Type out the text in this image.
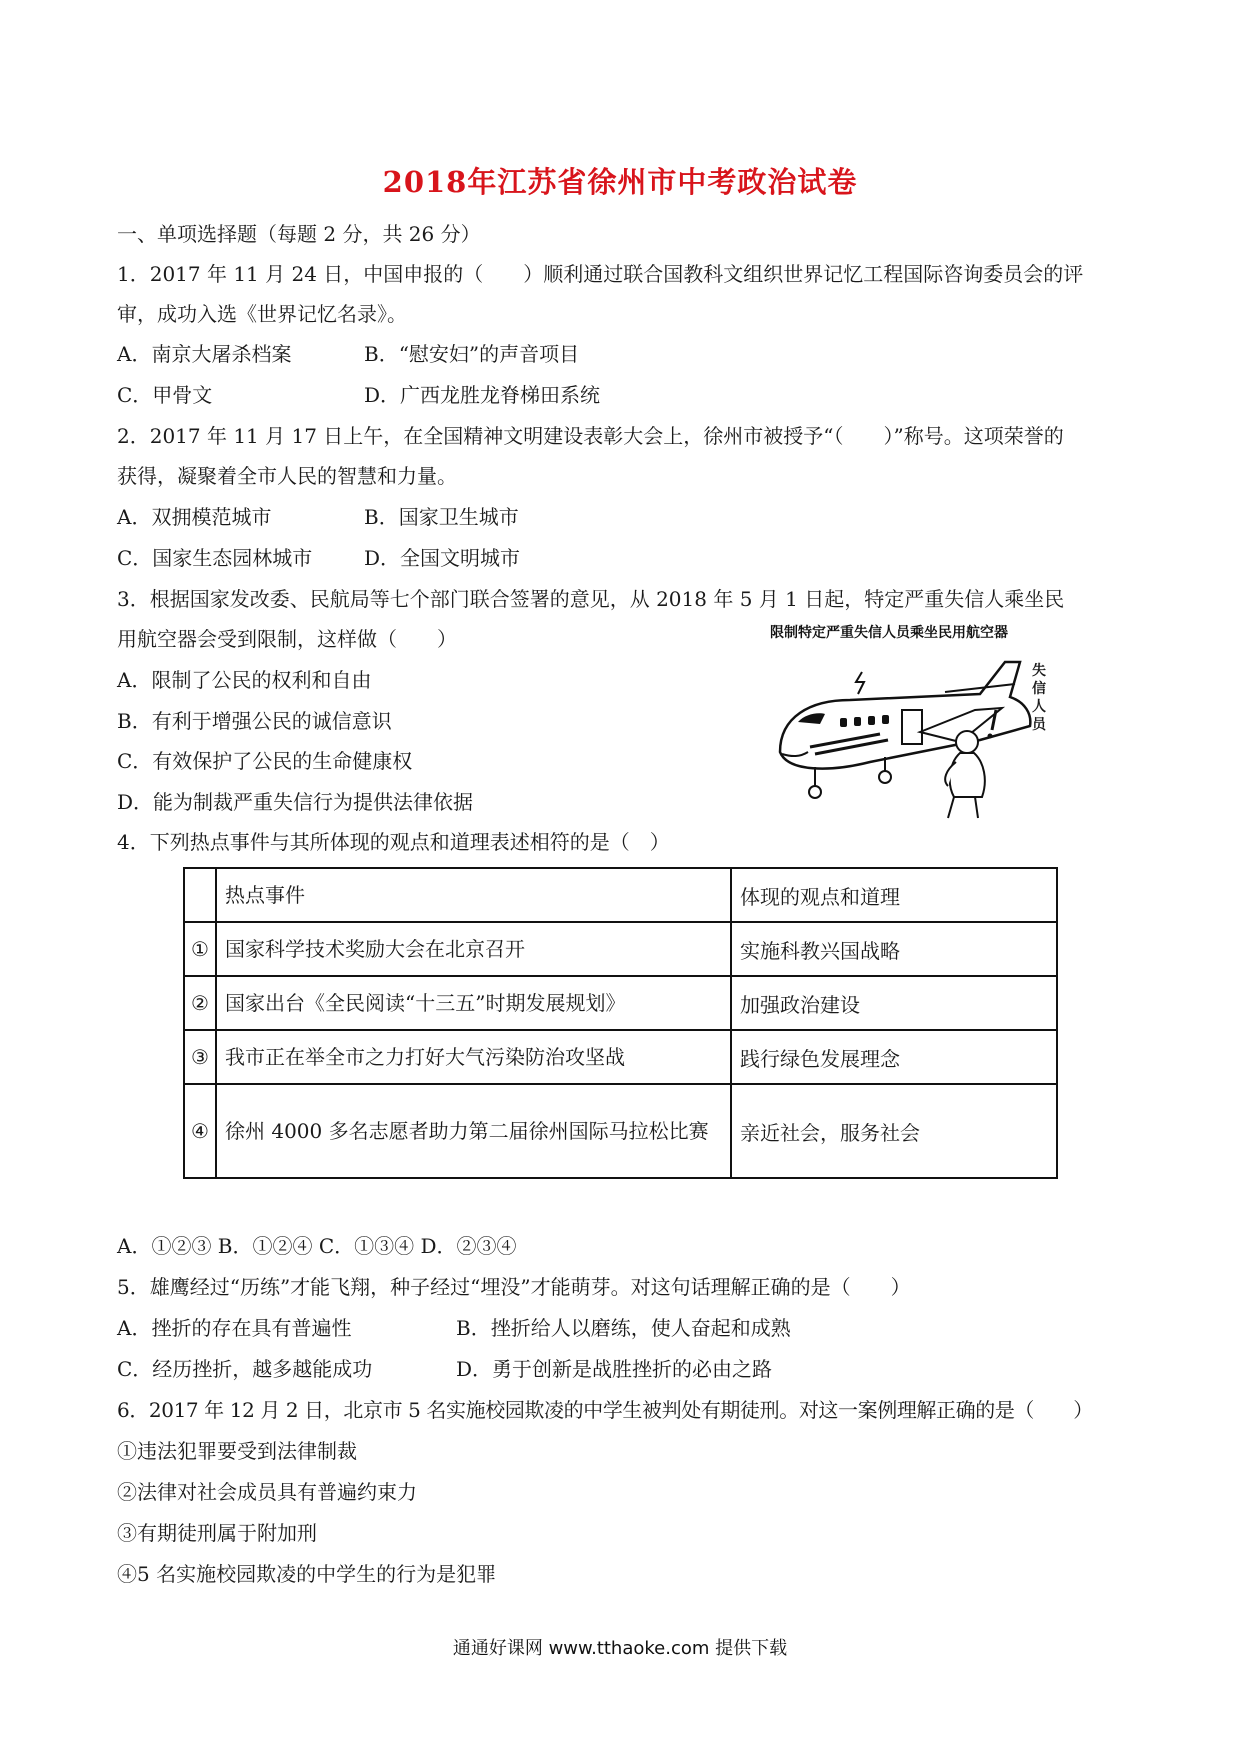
2018年江苏省徐州市中考政治试卷
一、单项选择题（每题 2 分，共 26 分）
1．2017 年 11 月 24 日，中国申报的（　　）顺利通过联合国教科文组织世界记忆工程国际咨询委员会的评
审，成功入选《世界记忆名录》。
A．南京大屠杀档案	B．“慰安妇”的声音项目
C．甲骨文	D．广西龙胜龙脊梯田系统
2．2017 年 11 月 17 日上午，在全国精神文明建设表彰大会上，徐州市被授予“（　　）”称号。这项荣誉的
获得，凝聚着全市人民的智慧和力量。
A．双拥模范城市	B．国家卫生城市
C．国家生态园林城市	D．全国文明城市
3．根据国家发改委、民航局等七个部门联合签署的意见，从 2018 年 5 月 1 日起，特定严重失信人乘坐民
用航空器会受到限制，这样做（　　）
A．限制了公民的权利和自由
B．有利于增强公民的诚信意识
C．有效保护了公民的生命健康权
D．能为制裁严重失信行为提供法律依据
限制特定严重失信人员乘坐民用航空器
失信人员
4．下列热点事件与其所体现的观点和道理表述相符的是（　）
	热点事件	体现的观点和道理
①	国家科学技术奖励大会在北京召开	实施科教兴国战略
②	国家出台《全民阅读“十三五”时期发展规划》	加强政治建设
③	我市正在举全市之力打好大气污染防治攻坚战	践行绿色发展理念
④	徐州 4000 多名志愿者助力第二届徐州国际马拉松比赛	亲近社会，服务社会
A．①②③ B．①②④ C．①③④ D．②③④
5．雄鹰经过“历练”才能飞翔，种子经过“埋没”才能萌芽。对这句话理解正确的是（　　）
A．挫折的存在具有普遍性	B．挫折给人以磨练，使人奋起和成熟
C．经历挫折，越多越能成功	D．勇于创新是战胜挫折的必由之路
6．2017 年 12 月 2 日，北京市 5 名实施校园欺凌的中学生被判处有期徒刑。对这一案例理解正确的是（　　）
①违法犯罪要受到法律制裁
②法律对社会成员具有普遍约束力
③有期徒刑属于附加刑
④5 名实施校园欺凌的中学生的行为是犯罪
通通好课网 www.tthaoke.com 提供下载
